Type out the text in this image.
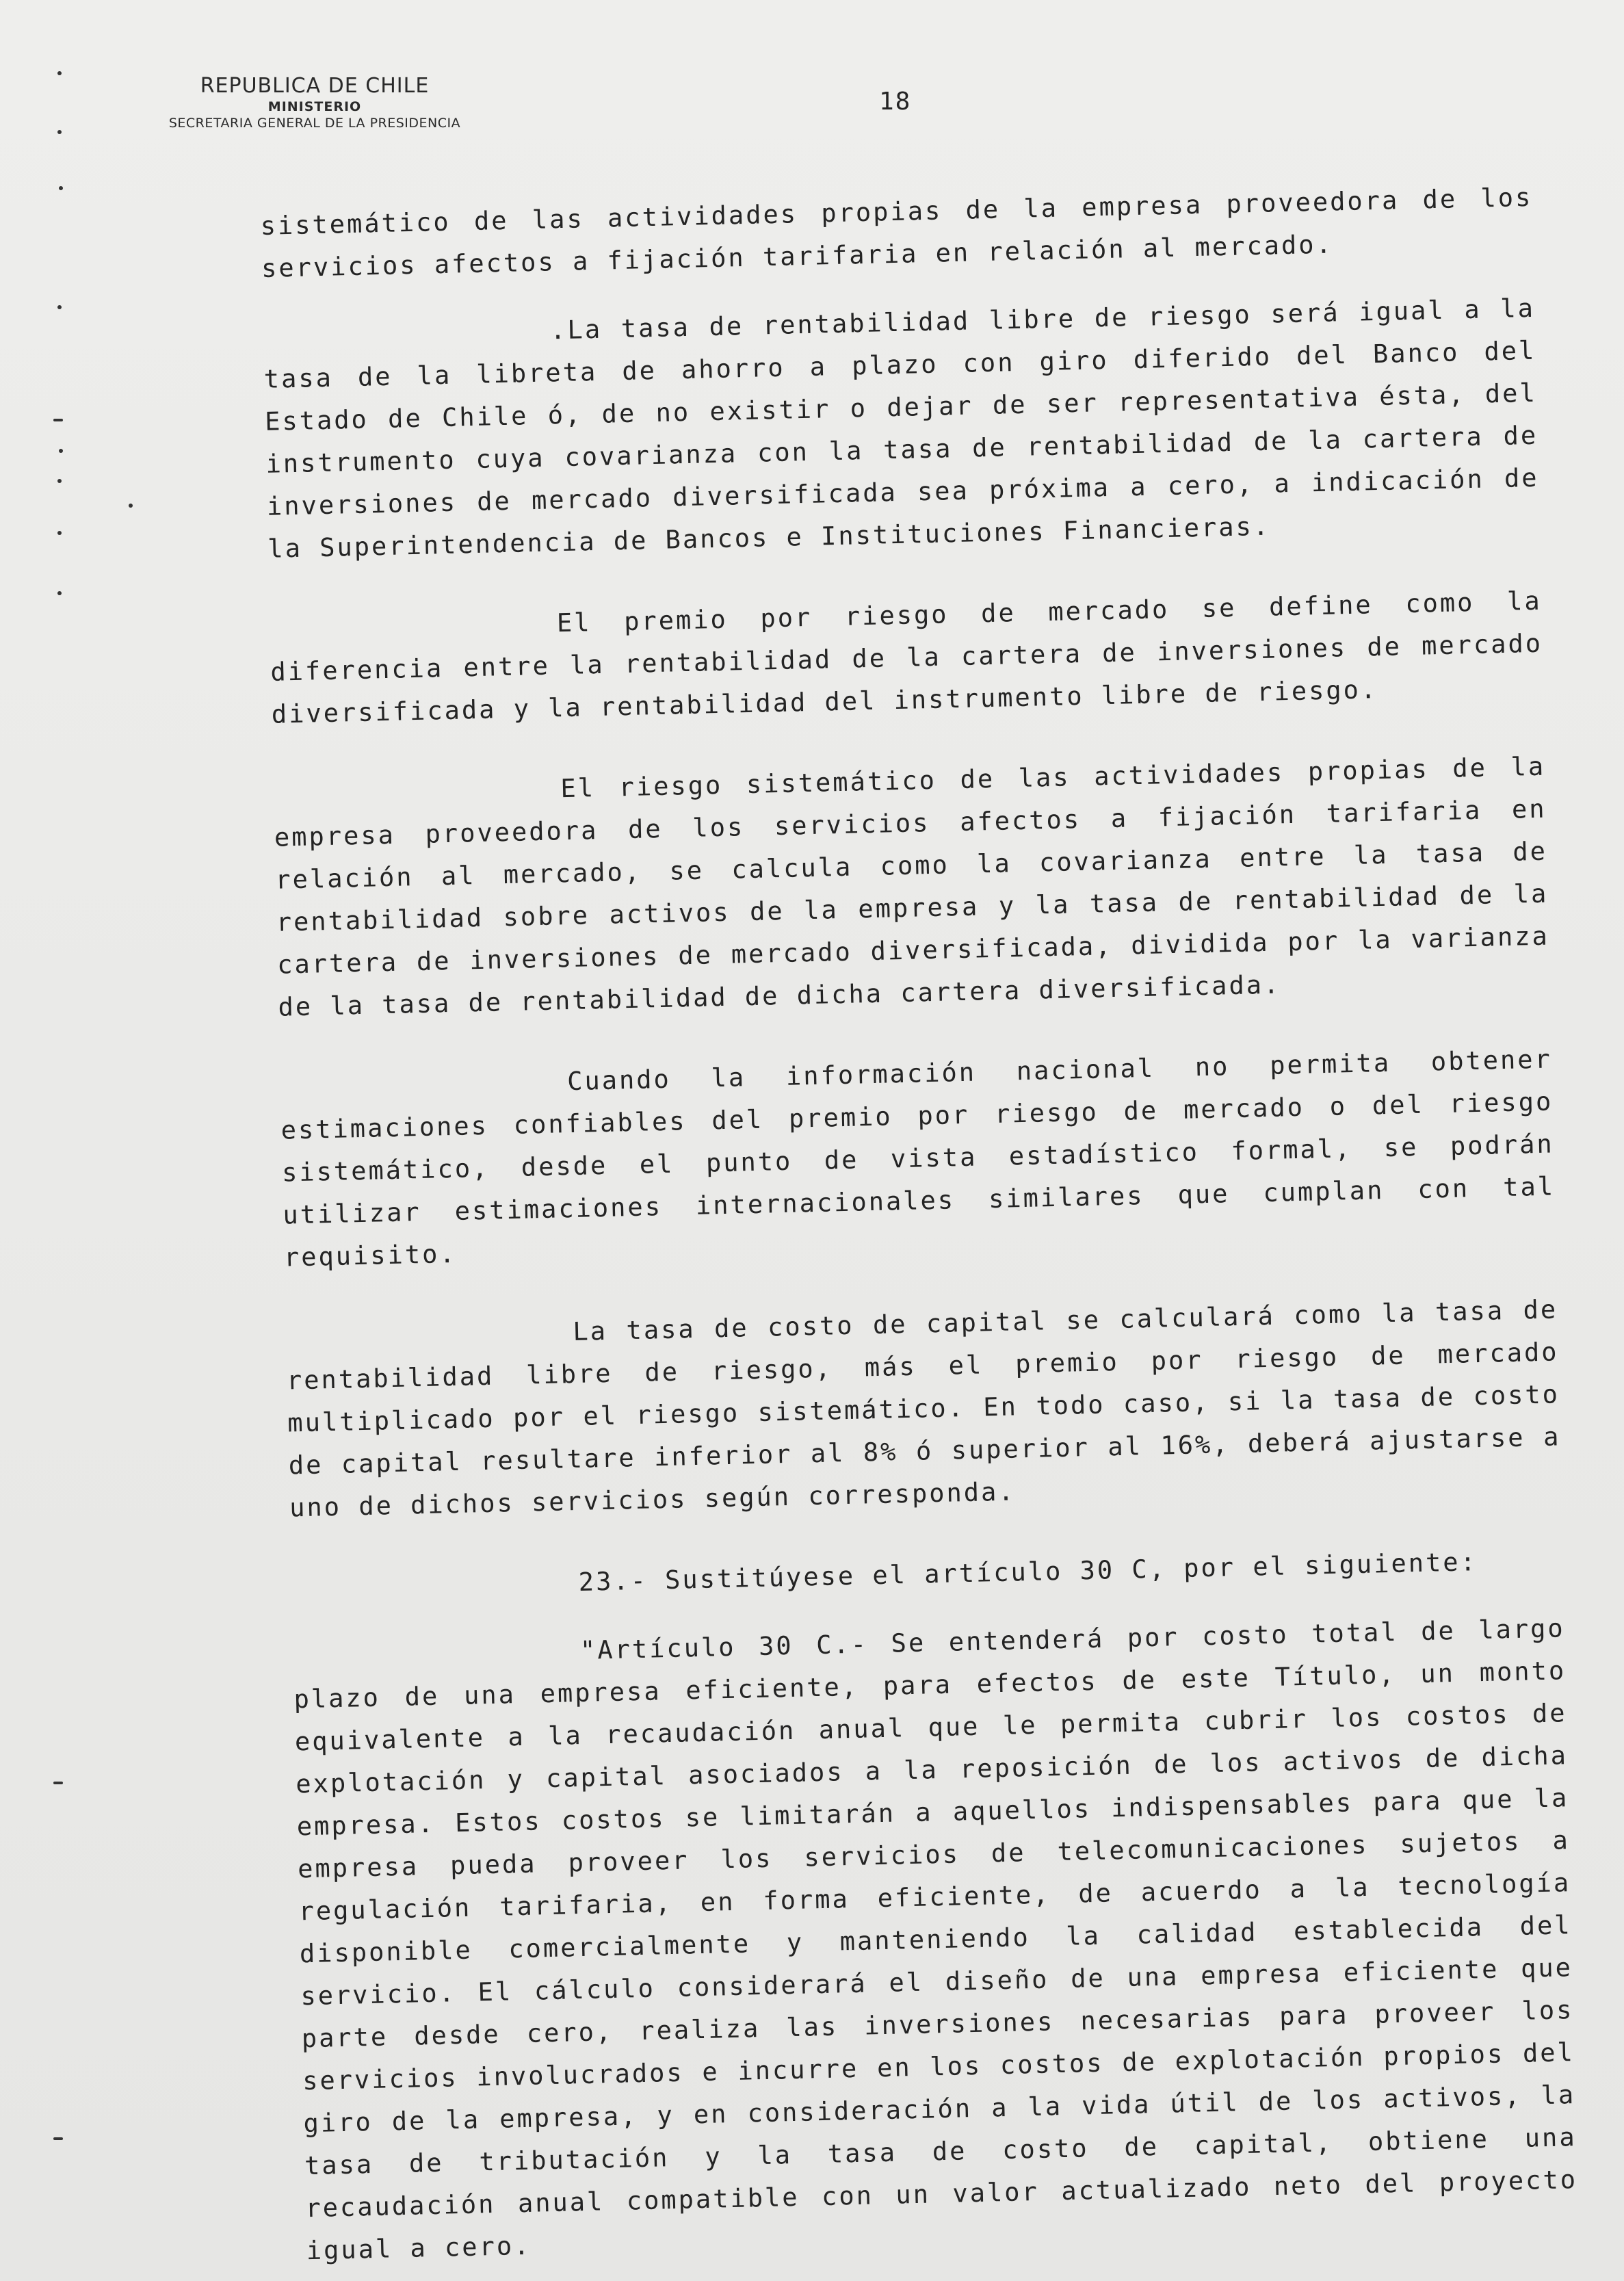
REPUBLICA DE CHILE
MINISTERIO
SECRETARIA GENERAL DE LA PRESIDENCIA
18

sistemático de las actividades propias de la empresa proveedora de los servicios afectos a fijación tarifaria en relación al mercado.

.La tasa de rentabilidad libre de riesgo será igual a la tasa de la libreta de ahorro a plazo con giro diferido del Banco del Estado de Chile ó, de no existir o dejar de ser representativa ésta, del instrumento cuya covarianza con la tasa de rentabilidad de la cartera de inversiones de mercado diversificada sea próxima a cero, a indicación de la Superintendencia de Bancos e Instituciones Financieras.

El premio por riesgo de mercado se define como la diferencia entre la rentabilidad de la cartera de inversiones de mercado diversificada y la rentabilidad del instrumento libre de riesgo.

El riesgo sistemático de las actividades propias de la empresa proveedora de los servicios afectos a fijación tarifaria en relación al mercado, se calcula como la covarianza entre la tasa de rentabilidad sobre activos de la empresa y la tasa de rentabilidad de la cartera de inversiones de mercado diversificada, dividida por la varianza de la tasa de rentabilidad de dicha cartera diversificada.

Cuando la información nacional no permita obtener estimaciones confiables del premio por riesgo de mercado o del riesgo sistemático, desde el punto de vista estadístico formal, se podrán utilizar estimaciones internacionales similares que cumplan con tal requisito.

La tasa de costo de capital se calculará como la tasa de rentabilidad libre de riesgo, más el premio por riesgo de mercado multiplicado por el riesgo sistemático. En todo caso, si la tasa de costo de capital resultare inferior al 8% ó superior al 16%, deberá ajustarse a uno de dichos servicios según corresponda.

23.- Sustitúyese el artículo 30 C, por el siguiente:

"Artículo 30 C.- Se entenderá por costo total de largo plazo de una empresa eficiente, para efectos de este Título, un monto equivalente a la recaudación anual que le permita cubrir los costos de explotación y capital asociados a la reposición de los activos de dicha empresa. Estos costos se limitarán a aquellos indispensables para que la empresa pueda proveer los servicios de telecomunicaciones sujetos a regulación tarifaria, en forma eficiente, de acuerdo a la tecnología disponible comercialmente y manteniendo la calidad establecida del servicio. El cálculo considerará el diseño de una empresa eficiente que parte desde cero, realiza las inversiones necesarias para proveer los servicios involucrados e incurre en los costos de explotación propios del giro de la empresa, y en consideración a la vida útil de los activos, la tasa de tributación y la tasa de costo de capital, obtiene una recaudación anual compatible con un valor actualizado neto del proyecto igual a cero.
